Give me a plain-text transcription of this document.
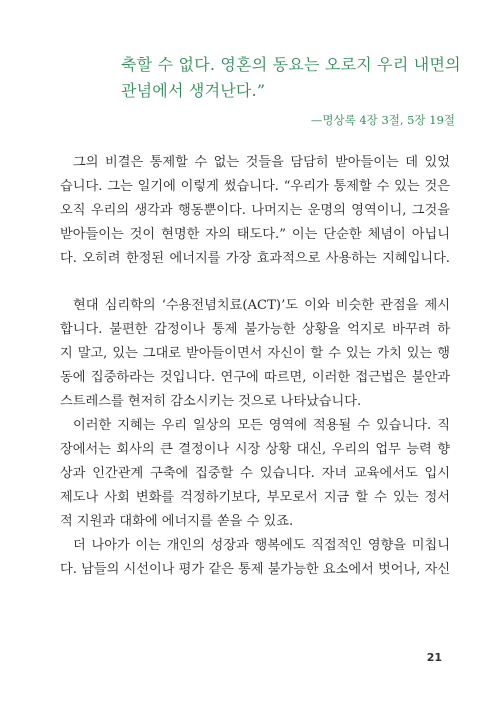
축할 수 없다. 영혼의 동요는 오로지 우리 내면의
관념에서 생겨난다.”
—명상록 4장 3절, 5장 19절

그의 비결은 통제할 수 없는 것들을 담담히 받아들이는 데 있었
습니다. 그는 일기에 이렇게 썼습니다. “우리가 통제할 수 있는 것은
오직 우리의 생각과 행동뿐이다. 나머지는 운명의 영역이니, 그것을
받아들이는 것이 현명한 자의 태도다.” 이는 단순한 체념이 아닙니
다. 오히려 한정된 에너지를 가장 효과적으로 사용하는 지혜입니다.

현대 심리학의 ‘수용전념치료(ACT)’도 이와 비슷한 관점을 제시
합니다. 불편한 감정이나 통제 불가능한 상황을 억지로 바꾸려 하
지 말고, 있는 그대로 받아들이면서 자신이 할 수 있는 가치 있는 행
동에 집중하라는 것입니다. 연구에 따르면, 이러한 접근법은 불안과
스트레스를 현저히 감소시키는 것으로 나타났습니다.

이러한 지혜는 우리 일상의 모든 영역에 적용될 수 있습니다. 직
장에서는 회사의 큰 결정이나 시장 상황 대신, 우리의 업무 능력 향
상과 인간관계 구축에 집중할 수 있습니다. 자녀 교육에서도 입시
제도나 사회 변화를 걱정하기보다, 부모로서 지금 할 수 있는 정서
적 지원과 대화에 에너지를 쏟을 수 있죠.

더 나아가 이는 개인의 성장과 행복에도 직접적인 영향을 미칩니
다. 남들의 시선이나 평가 같은 통제 불가능한 요소에서 벗어나, 자신

21
